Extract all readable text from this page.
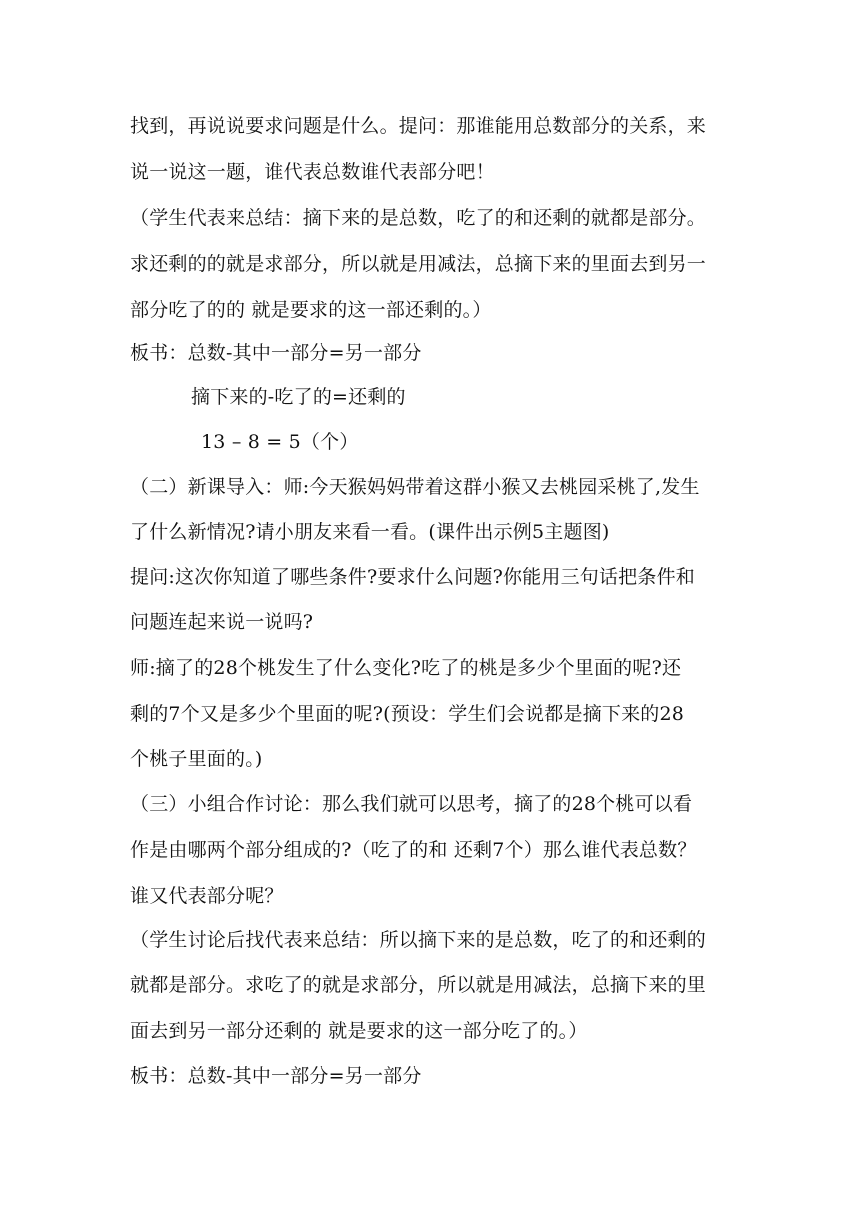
找到，再说说要求问题是什么。提问：那谁能用总数部分的关系，来
说一说这一题，谁代表总数谁代表部分吧！
（学生代表来总结：摘下来的是总数，吃了的和还剩的就都是部分。
求还剩的的就是求部分，所以就是用减法，总摘下来的里面去到另一
部分吃了的的 就是要求的这一部还剩的。）
板书：总数-其中一部分=另一部分
摘下来的-吃了的=还剩的
13 – 8 = 5（个）
（二）新课导入：师:今天猴妈妈带着这群小猴又去桃园采桃了,发生
了什么新情况?请小朋友来看一看。(课件出示例5主题图)
提问:这次你知道了哪些条件?要求什么问题?你能用三句话把条件和
问题连起来说一说吗?
师:摘了的28个桃发生了什么变化?吃了的桃是多少个里面的呢?还
剩的7个又是多少个里面的呢?(预设：学生们会说都是摘下来的28
个桃子里面的。)
（三）小组合作讨论：那么我们就可以思考，摘了的28个桃可以看
作是由哪两个部分组成的?（吃了的和 还剩7个）那么谁代表总数？
谁又代表部分呢？
（学生讨论后找代表来总结：所以摘下来的是总数，吃了的和还剩的
就都是部分。求吃了的就是求部分，所以就是用减法，总摘下来的里
面去到另一部分还剩的 就是要求的这一部分吃了的。）
板书：总数-其中一部分=另一部分
